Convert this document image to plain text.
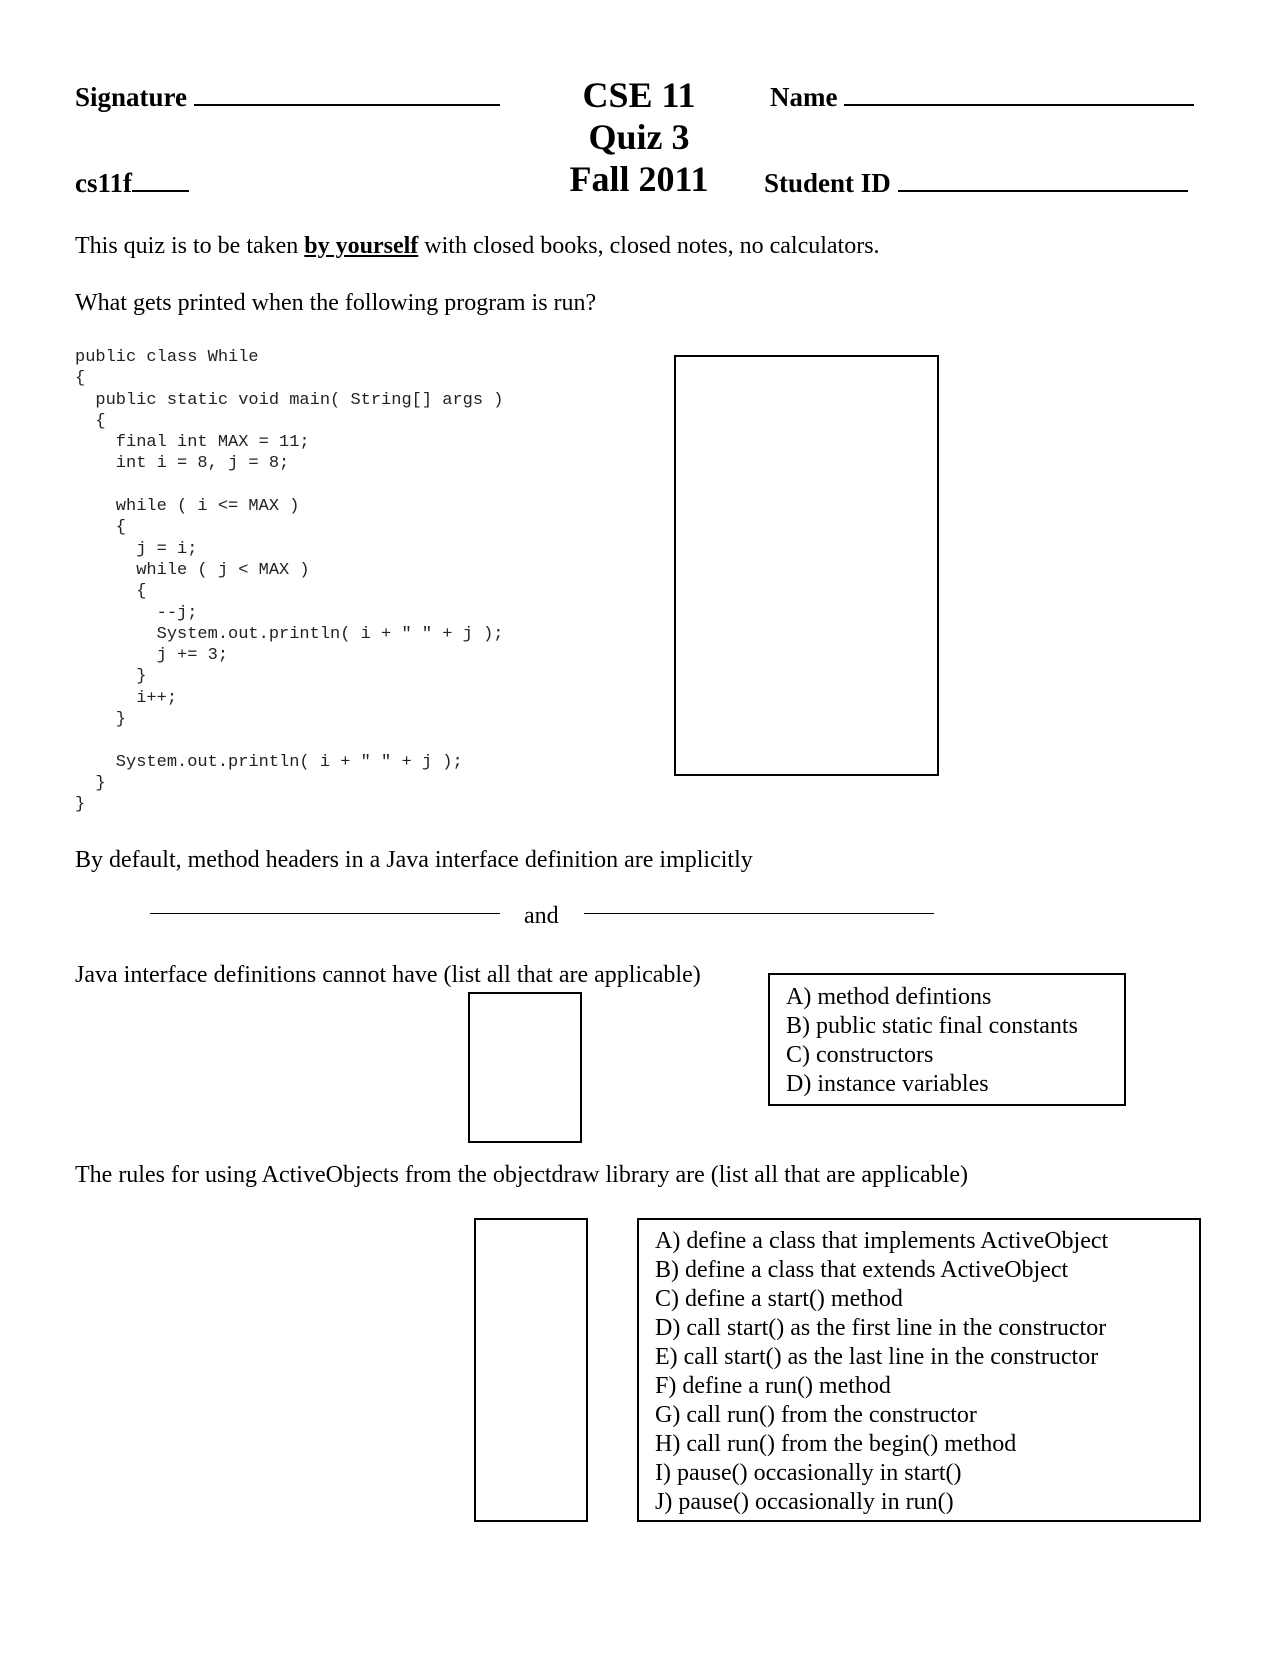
Signature	CSE 11
Quiz 3
Fall 2011
Name
cs11f	Student ID
This quiz is to be taken by yourself with closed books, closed notes, no calculators.
What gets printed when the following program is run?
public class While
{
public static void main( String[] args )
{
final int MAX = 11;
int i = 8, j = 8;

while ( i <= MAX )
{
j = i;
while ( j < MAX )
{
--j;
System.out.println( i + " " + j );
j += 3;
}
i++;
}

System.out.println( i + " " + j );
}
}
By default, method headers in a Java interface definition are implicitly
and
Java interface definitions cannot have (list all that are applicable)
A) method defintions
B) public static final constants
C) constructors
D) instance variables
The rules for using ActiveObjects from the objectdraw library are (list all that are applicable)
A) define a class that implements ActiveObject
B) define a class that extends ActiveObject
C) define a start() method
D) call start() as the first line in the constructor
E) call start() as the last line in the constructor
F) define a run() method
G) call run() from the constructor
H) call run() from the begin() method
I) pause() occasionally in start()
J) pause() occasionally in run()
